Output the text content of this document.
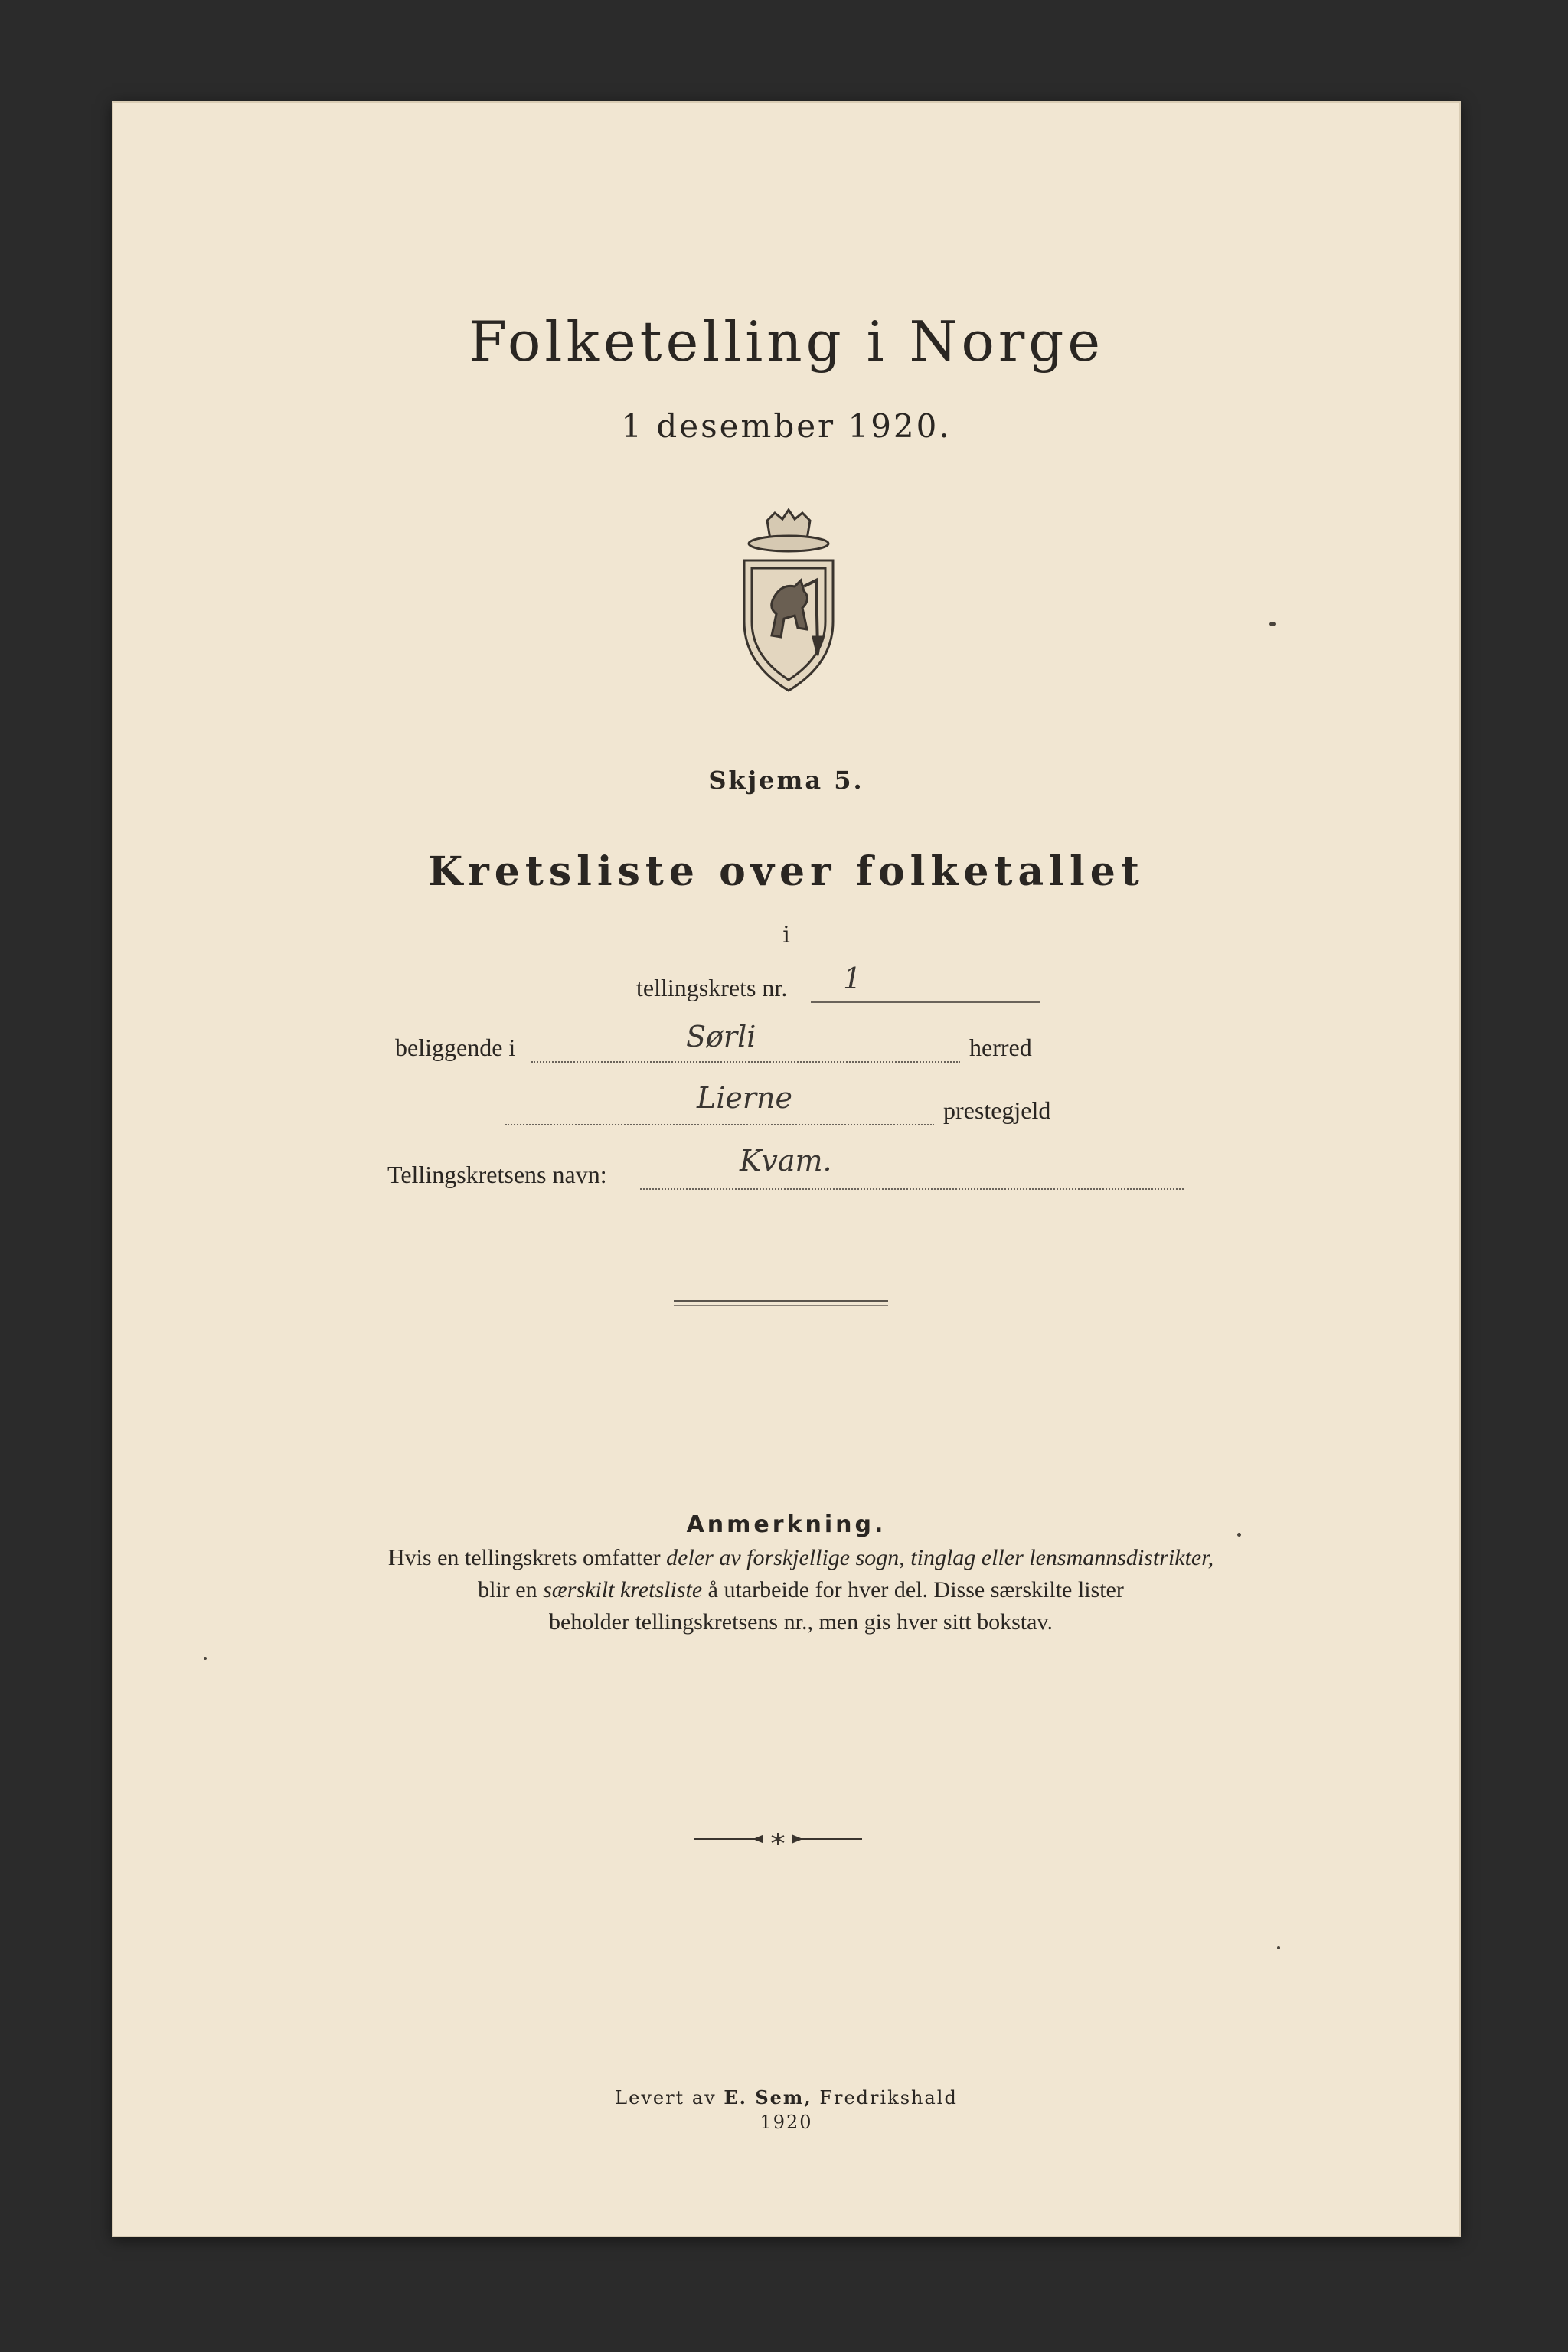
Folketelling i Norge
1 desember 1920.
Skjema 5.
Kretsliste over folketallet
i
tellingskrets nr. 1
beliggende i	Sørli	herred
Lierne	prestegjeld
Tellingskretsens navn:	Kvam.
Anmerkning.
Hvis en tellingskrets omfatter deler av forskjellige sogn, tinglag eller lensmannsdistrikter,
blir en særskilt kretsliste å utarbeide for hver del. Disse særskilte lister
beholder tellingskretsens nr., men gis hver sitt bokstav.
Levert av E. Sem, Fredrikshald
1920
